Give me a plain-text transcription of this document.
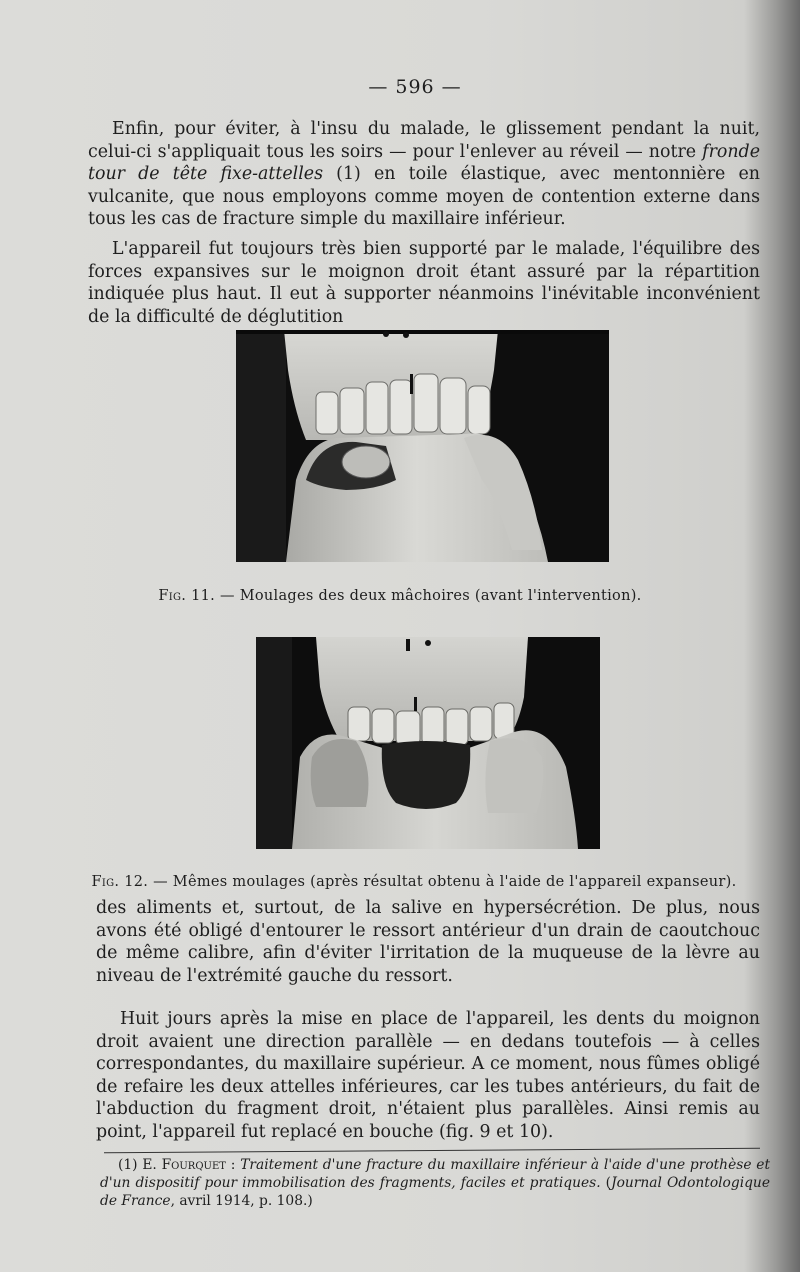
— 596 —

Enfin, pour éviter, à l'insu du malade, le glissement pendant la nuit, celui-ci s'appliquait tous les soirs — pour l'enlever au réveil — notre fronde tour de tête fixe-attelles (1) en toile élastique, avec mentonnière en vulcanite, que nous employons comme moyen de contention externe dans tous les cas de fracture simple du maxillaire inférieur.

L'appareil fut toujours très bien supporté par le malade, l'équilibre des forces expansives sur le moignon droit étant assuré par la répartition indiquée plus haut. Il eut à supporter néanmoins l'inévitable inconvénient de la difficulté de déglutition

Fig. 11. — Moulages des deux mâchoires (avant l'intervention).
Fig. 12. — Mêmes moulages (après résultat obtenu à l'aide de l'appareil expanseur).

des aliments et, surtout, de la salive en hypersécrétion. De plus, nous avons été obligé d'entourer le ressort antérieur d'un drain de caoutchouc de même calibre, afin d'éviter l'irritation de la muqueuse de la lèvre au niveau de l'extrémité gauche du ressort.

Huit jours après la mise en place de l'appareil, les dents du moignon droit avaient une direction parallèle — en dedans toutefois — à celles correspondantes, du maxillaire supérieur. A ce moment, nous fûmes obligé de refaire les deux attelles inférieures, car les tubes antérieurs, du fait de l'abduction du fragment droit, n'étaient plus parallèles. Ainsi remis au point, l'appareil fut replacé en bouche (fig. 9 et 10).

(1) E. Fourquet : Traitement d'une fracture du maxillaire inférieur à l'aide d'une prothèse et d'un dispositif pour immobilisation des fragments, faciles et pratiques. (Journal Odontologique de France, avril 1914, p. 108.)
